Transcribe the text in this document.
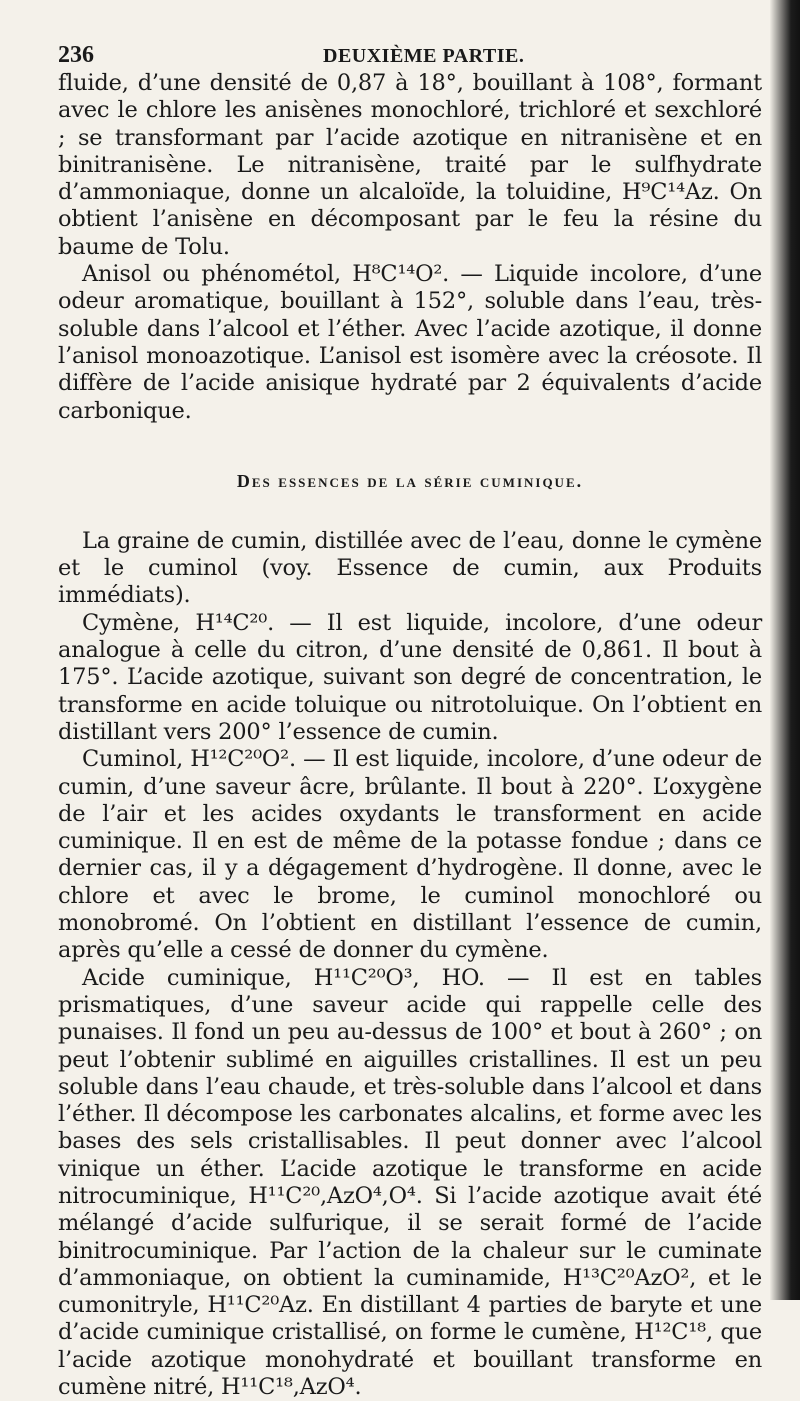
236	DEUXIÈME PARTIE.

fluide, d’une densité de 0,87 à 18°, bouillant à 108°, formant avec le chlore les anisènes monochloré, trichloré et sexchloré ; se transformant par l’acide azotique en nitranisène et en binitranisène. Le nitranisène, traité par le sulfhydrate d’ammoniaque, donne un alcaloïde, la toluidine, H⁹C¹⁴Az. On obtient l’anisène en décomposant par le feu la résine du baume de Tolu.

Anisol ou phénométol, H⁸C¹⁴O². — Liquide incolore, d’une odeur aromatique, bouillant à 152°, soluble dans l’eau, très-soluble dans l’alcool et l’éther. Avec l’acide azotique, il donne l’anisol monoazotique. L’anisol est isomère avec la créosote. Il diffère de l’acide anisique hydraté par 2 équivalents d’acide carbonique.

Des essences de la série cuminique.

La graine de cumin, distillée avec de l’eau, donne le cymène et le cuminol (voy. Essence de cumin, aux Produits immédiats).

Cymène, H¹⁴C²⁰. — Il est liquide, incolore, d’une odeur analogue à celle du citron, d’une densité de 0,861. Il bout à 175°. L’acide azotique, suivant son degré de concentration, le transforme en acide toluique ou nitrotoluique. On l’obtient en distillant vers 200° l’essence de cumin.

Cuminol, H¹²C²⁰O². — Il est liquide, incolore, d’une odeur de cumin, d’une saveur âcre, brûlante. Il bout à 220°. L’oxygène de l’air et les acides oxydants le transforment en acide cuminique. Il en est de même de la potasse fondue ; dans ce dernier cas, il y a dégagement d’hydrogène. Il donne, avec le chlore et avec le brome, le cuminol monochloré ou monobromé. On l’obtient en distillant l’essence de cumin, après qu’elle a cessé de donner du cymène.

Acide cuminique, H¹¹C²⁰O³, HO. — Il est en tables prismatiques, d’une saveur acide qui rappelle celle des punaises. Il fond un peu au-dessus de 100° et bout à 260° ; on peut l’obtenir sublimé en aiguilles cristallines. Il est un peu soluble dans l’eau chaude, et très-soluble dans l’alcool et dans l’éther. Il décompose les carbonates alcalins, et forme avec les bases des sels cristallisables. Il peut donner avec l’alcool vinique un éther. L’acide azotique le transforme en acide nitrocuminique, H¹¹C²⁰,AzO⁴,O⁴. Si l’acide azotique avait été mélangé d’acide sulfurique, il se serait formé de l’acide binitrocuminique. Par l’action de la chaleur sur le cuminate d’ammoniaque, on obtient la cuminamide, H¹³C²⁰AzO², et le cumonitryle, H¹¹C²⁰Az. En distillant 4 parties de baryte et une d’acide cuminique cristallisé, on forme le cumène, H¹²C¹⁸, que l’acide azotique monohydraté et bouillant transforme en cumène nitré, H¹¹C¹⁸,AzO⁴.
